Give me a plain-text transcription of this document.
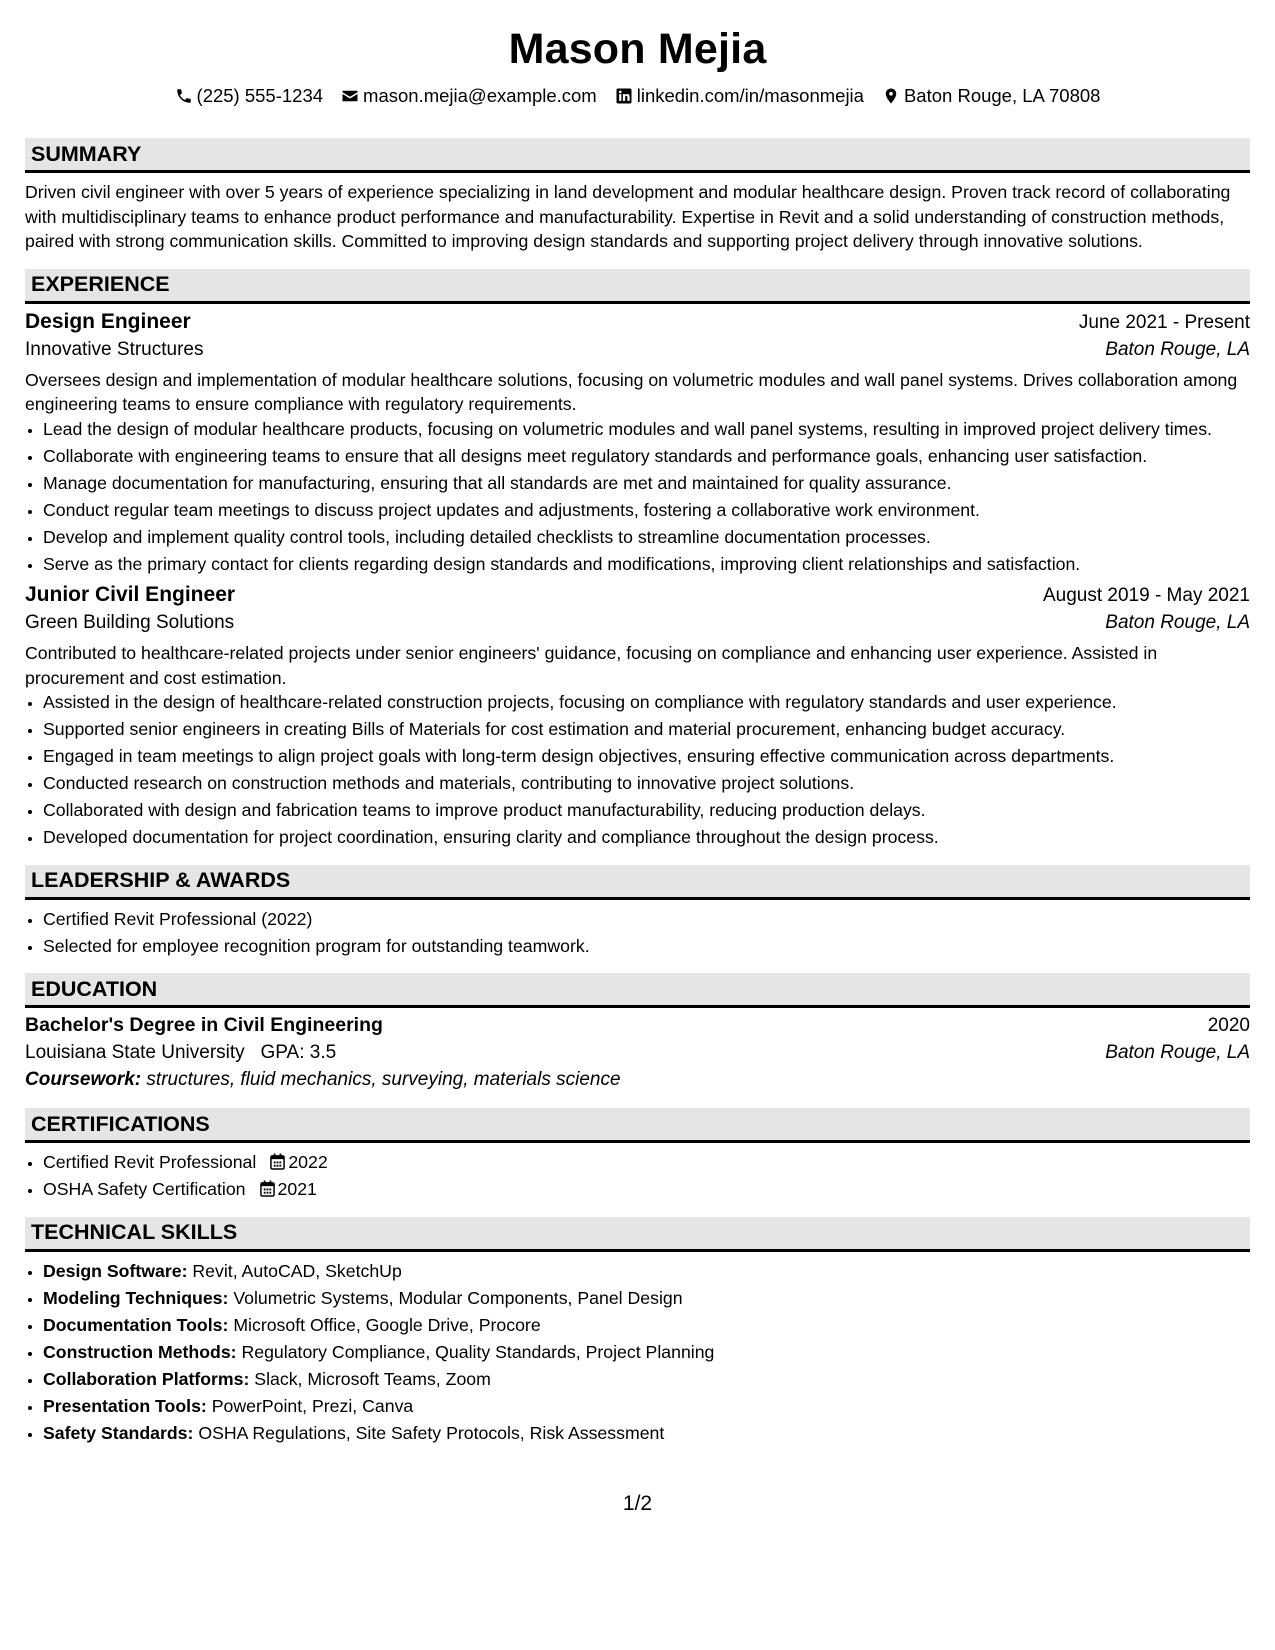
Mason Mejia
(225) 555-1234 mason.mejia@example.com linkedin.com/in/masonmejia Baton Rouge, LA 70808
SUMMARY

Driven civil engineer with over 5 years of experience specializing in land development and modular healthcare design. Proven track record of collaborating with multidisciplinary teams to enhance product performance and manufacturability. Expertise in Revit and a solid understanding of construction methods, paired with strong communication skills. Committed to improving design standards and supporting project delivery through innovative solutions.

EXPERIENCE
Design Engineer	June 2021 - Present
Innovative Structures	Baton Rouge, LA

Oversees design and implementation of modular healthcare solutions, focusing on volumetric modules and wall panel systems. Drives collaboration among engineering teams to ensure compliance with regulatory requirements.

• Lead the design of modular healthcare products, focusing on volumetric modules and wall panel systems, resulting in improved project delivery times.
• Collaborate with engineering teams to ensure that all designs meet regulatory standards and performance goals, enhancing user satisfaction.
• Manage documentation for manufacturing, ensuring that all standards are met and maintained for quality assurance.
• Conduct regular team meetings to discuss project updates and adjustments, fostering a collaborative work environment.
• Develop and implement quality control tools, including detailed checklists to streamline documentation processes.
• Serve as the primary contact for clients regarding design standards and modifications, improving client relationships and satisfaction.
Junior Civil Engineer	August 2019 - May 2021
Green Building Solutions	Baton Rouge, LA

Contributed to healthcare-related projects under senior engineers' guidance, focusing on compliance and enhancing user experience. Assisted in procurement and cost estimation.

• Assisted in the design of healthcare-related construction projects, focusing on compliance with regulatory standards and user experience.
• Supported senior engineers in creating Bills of Materials for cost estimation and material procurement, enhancing budget accuracy.
• Engaged in team meetings to align project goals with long-term design objectives, ensuring effective communication across departments.
• Conducted research on construction methods and materials, contributing to innovative project solutions.
• Collaborated with design and fabrication teams to improve product manufacturability, reducing production delays.
• Developed documentation for project coordination, ensuring clarity and compliance throughout the design process.
LEADERSHIP & AWARDS
• Certified Revit Professional (2022)
• Selected for employee recognition program for outstanding teamwork.
EDUCATION
Bachelor's Degree in Civil Engineering	2020
Louisiana State University GPA: 3.5	Baton Rouge, LA
Coursework: structures, fluid mechanics, surveying, materials science
CERTIFICATIONS
• Certified Revit Professional 2022
• OSHA Safety Certification 2021
TECHNICAL SKILLS
• Design Software: Revit, AutoCAD, SketchUp
• Modeling Techniques: Volumetric Systems, Modular Components, Panel Design
• Documentation Tools: Microsoft Office, Google Drive, Procore
• Construction Methods: Regulatory Compliance, Quality Standards, Project Planning
• Collaboration Platforms: Slack, Microsoft Teams, Zoom
• Presentation Tools: PowerPoint, Prezi, Canva
• Safety Standards: OSHA Regulations, Site Safety Protocols, Risk Assessment
1/2
